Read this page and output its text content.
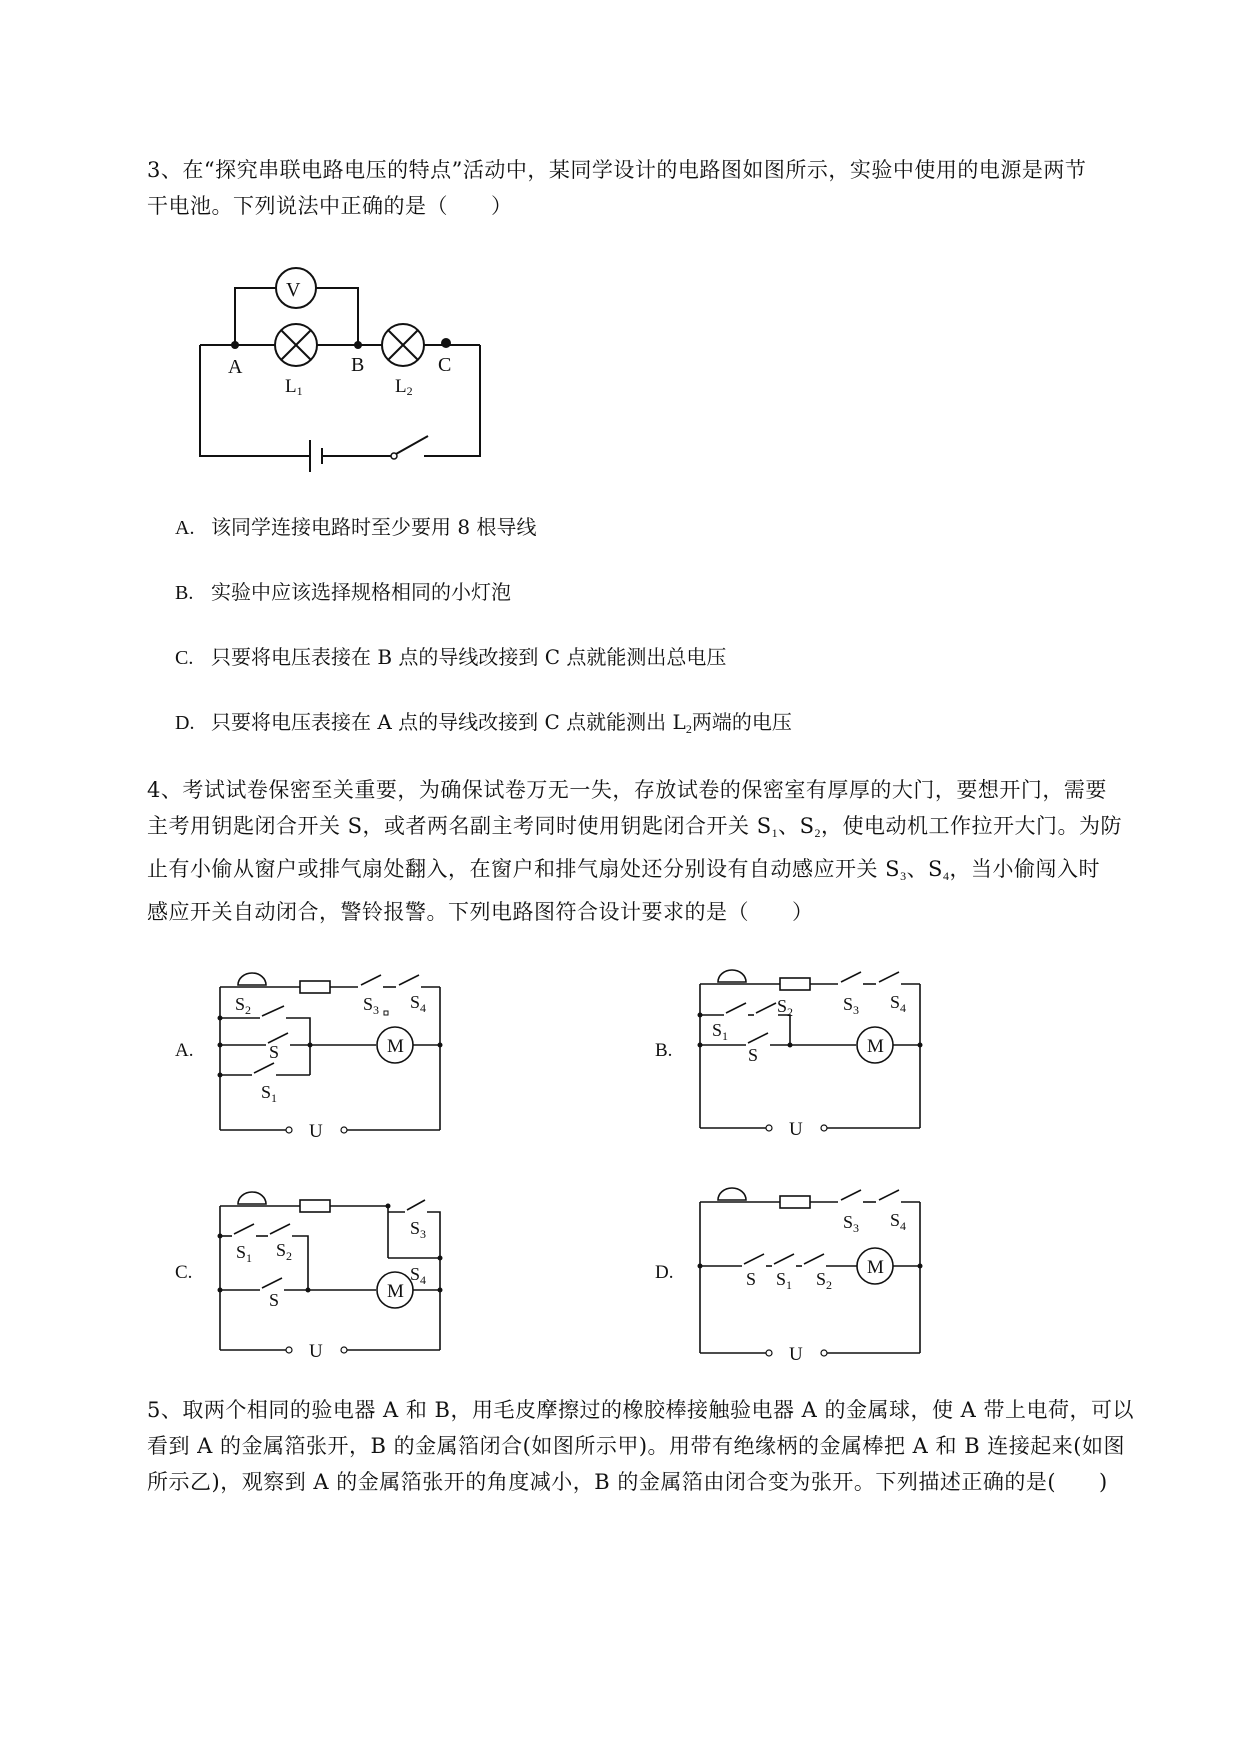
3、在“探究串联电路电压的特点”活动中，某同学设计的电路图如图所示，实验中使用的电源是两节
干电池。下列说法中正确的是（　　）
V
A	B	C
L1	L2
A. 该同学连接电路时至少要用 8 根导线
B. 实验中应该选择规格相同的小灯泡
C. 只要将电压表接在 B 点的导线改接到 C 点就能测出总电压
D. 只要将电压表接在 A 点的导线改接到 C 点就能测出 $L_2$两端的电压
4、考试试卷保密至关重要，为确保试卷万无一失，存放试卷的保密室有厚厚的大门，要想开门，需要
主考用钥匙闭合开关 S，或者两名副主考同时使用钥匙闭合开关 $S_1$、$S_2$，使电动机工作拉开大门。为防
止有小偷从窗户或排气扇处翻入，在窗户和排气扇处还分别设有自动感应开关 $S_3$、$S_4$，当小偷闯入时
感应开关自动闭合，警铃报警。下列电路图符合设计要求的是（　　）
A.	B.
C.	D.
$S_2$	$S_3$ $S_4$
S
$S_1$
M
U
$S_1$
$S_2$	$S_3$ $S_4$
S	M
U
$S_1$ $S_2$
$S_3$
$S_4$
S	M
U
$S_3$ $S_4$
S $S_1$ $S_2$
M
U
5、取两个相同的验电器 A 和 B，用毛皮摩擦过的橡胶棒接触验电器 A 的金属球，使 A 带上电荷，可以
看到 A 的金属箔张开，B 的金属箔闭合(如图所示甲)。用带有绝缘柄的金属棒把 A 和 B 连接起来(如图
所示乙)，观察到 A 的金属箔张开的角度减小，B 的金属箔由闭合变为张开。下列描述正确的是(　　)
